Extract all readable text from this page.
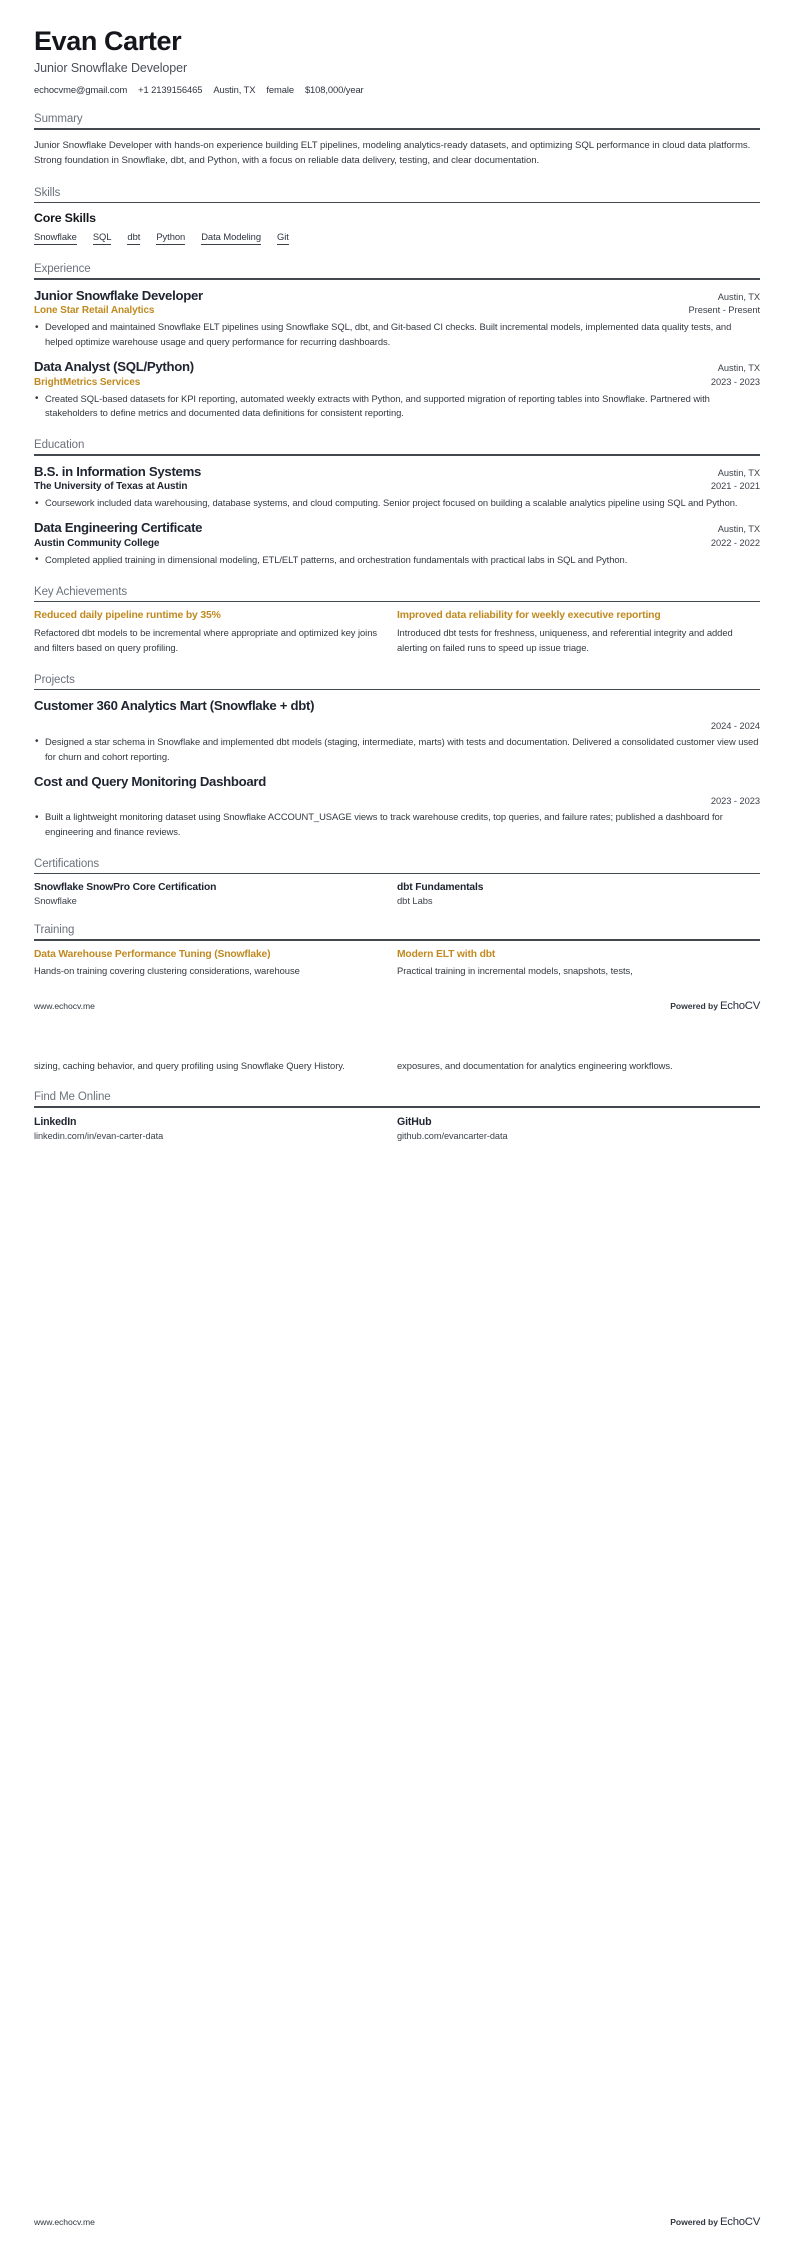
Evan Carter
Junior Snowflake Developer
echocvme@gmail.com +1 2139156465 Austin, TX female $108,000/year
Summary
Junior Snowflake Developer with hands-on experience building ELT pipelines, modeling analytics-ready datasets, and optimizing SQL performance in cloud data platforms. Strong foundation in Snowflake, dbt, and Python, with a focus on reliable data delivery, testing, and clear documentation.
Skills
Core Skills
Snowflake SQL dbt Python Data Modeling Git
Experience
Junior Snowflake Developer	Austin, TX
Lone Star Retail Analytics	Present - Present
• Developed and maintained Snowflake ELT pipelines using Snowflake SQL, dbt, and Git-based CI checks. Built incremental models, implemented data quality tests, and helped optimize warehouse usage and query performance for recurring dashboards.
Data Analyst (SQL/Python)	Austin, TX
BrightMetrics Services	2023 - 2023
• Created SQL-based datasets for KPI reporting, automated weekly extracts with Python, and supported migration of reporting tables into Snowflake. Partnered with stakeholders to define metrics and documented data definitions for consistent reporting.
Education
B.S. in Information Systems	Austin, TX
The University of Texas at Austin	2021 - 2021
• Coursework included data warehousing, database systems, and cloud computing. Senior project focused on building a scalable analytics pipeline using SQL and Python.
Data Engineering Certificate	Austin, TX
Austin Community College	2022 - 2022
• Completed applied training in dimensional modeling, ETL/ELT patterns, and orchestration fundamentals with practical labs in SQL and Python.
Key Achievements
Reduced daily pipeline runtime by 35%
Refactored dbt models to be incremental where appropriate and optimized key joins and filters based on query profiling.
Improved data reliability for weekly executive reporting
Introduced dbt tests for freshness, uniqueness, and referential integrity and added alerting on failed runs to speed up issue triage.
Projects
Customer 360 Analytics Mart (Snowflake + dbt)
2024 - 2024
• Designed a star schema in Snowflake and implemented dbt models (staging, intermediate, marts) with tests and documentation. Delivered a consolidated customer view used for churn and cohort reporting.
Cost and Query Monitoring Dashboard
2023 - 2023
• Built a lightweight monitoring dataset using Snowflake ACCOUNT_USAGE views to track warehouse credits, top queries, and failure rates; published a dashboard for engineering and finance reviews.
Certifications
Snowflake SnowPro Core Certification
Snowflake
dbt Fundamentals
dbt Labs
Training
Data Warehouse Performance Tuning (Snowflake)
Hands-on training covering clustering considerations, warehouse
Modern ELT with dbt
Practical training in incremental models, snapshots, tests,
www.echocv.me	Powered by EchoCV
sizing, caching behavior, and query profiling using Snowflake Query History.	exposures, and documentation for analytics engineering workflows.
Find Me Online
LinkedIn
linkedin.com/in/evan-carter-data
GitHub
github.com/evancarter-data
www.echocv.me	Powered by EchoCV
